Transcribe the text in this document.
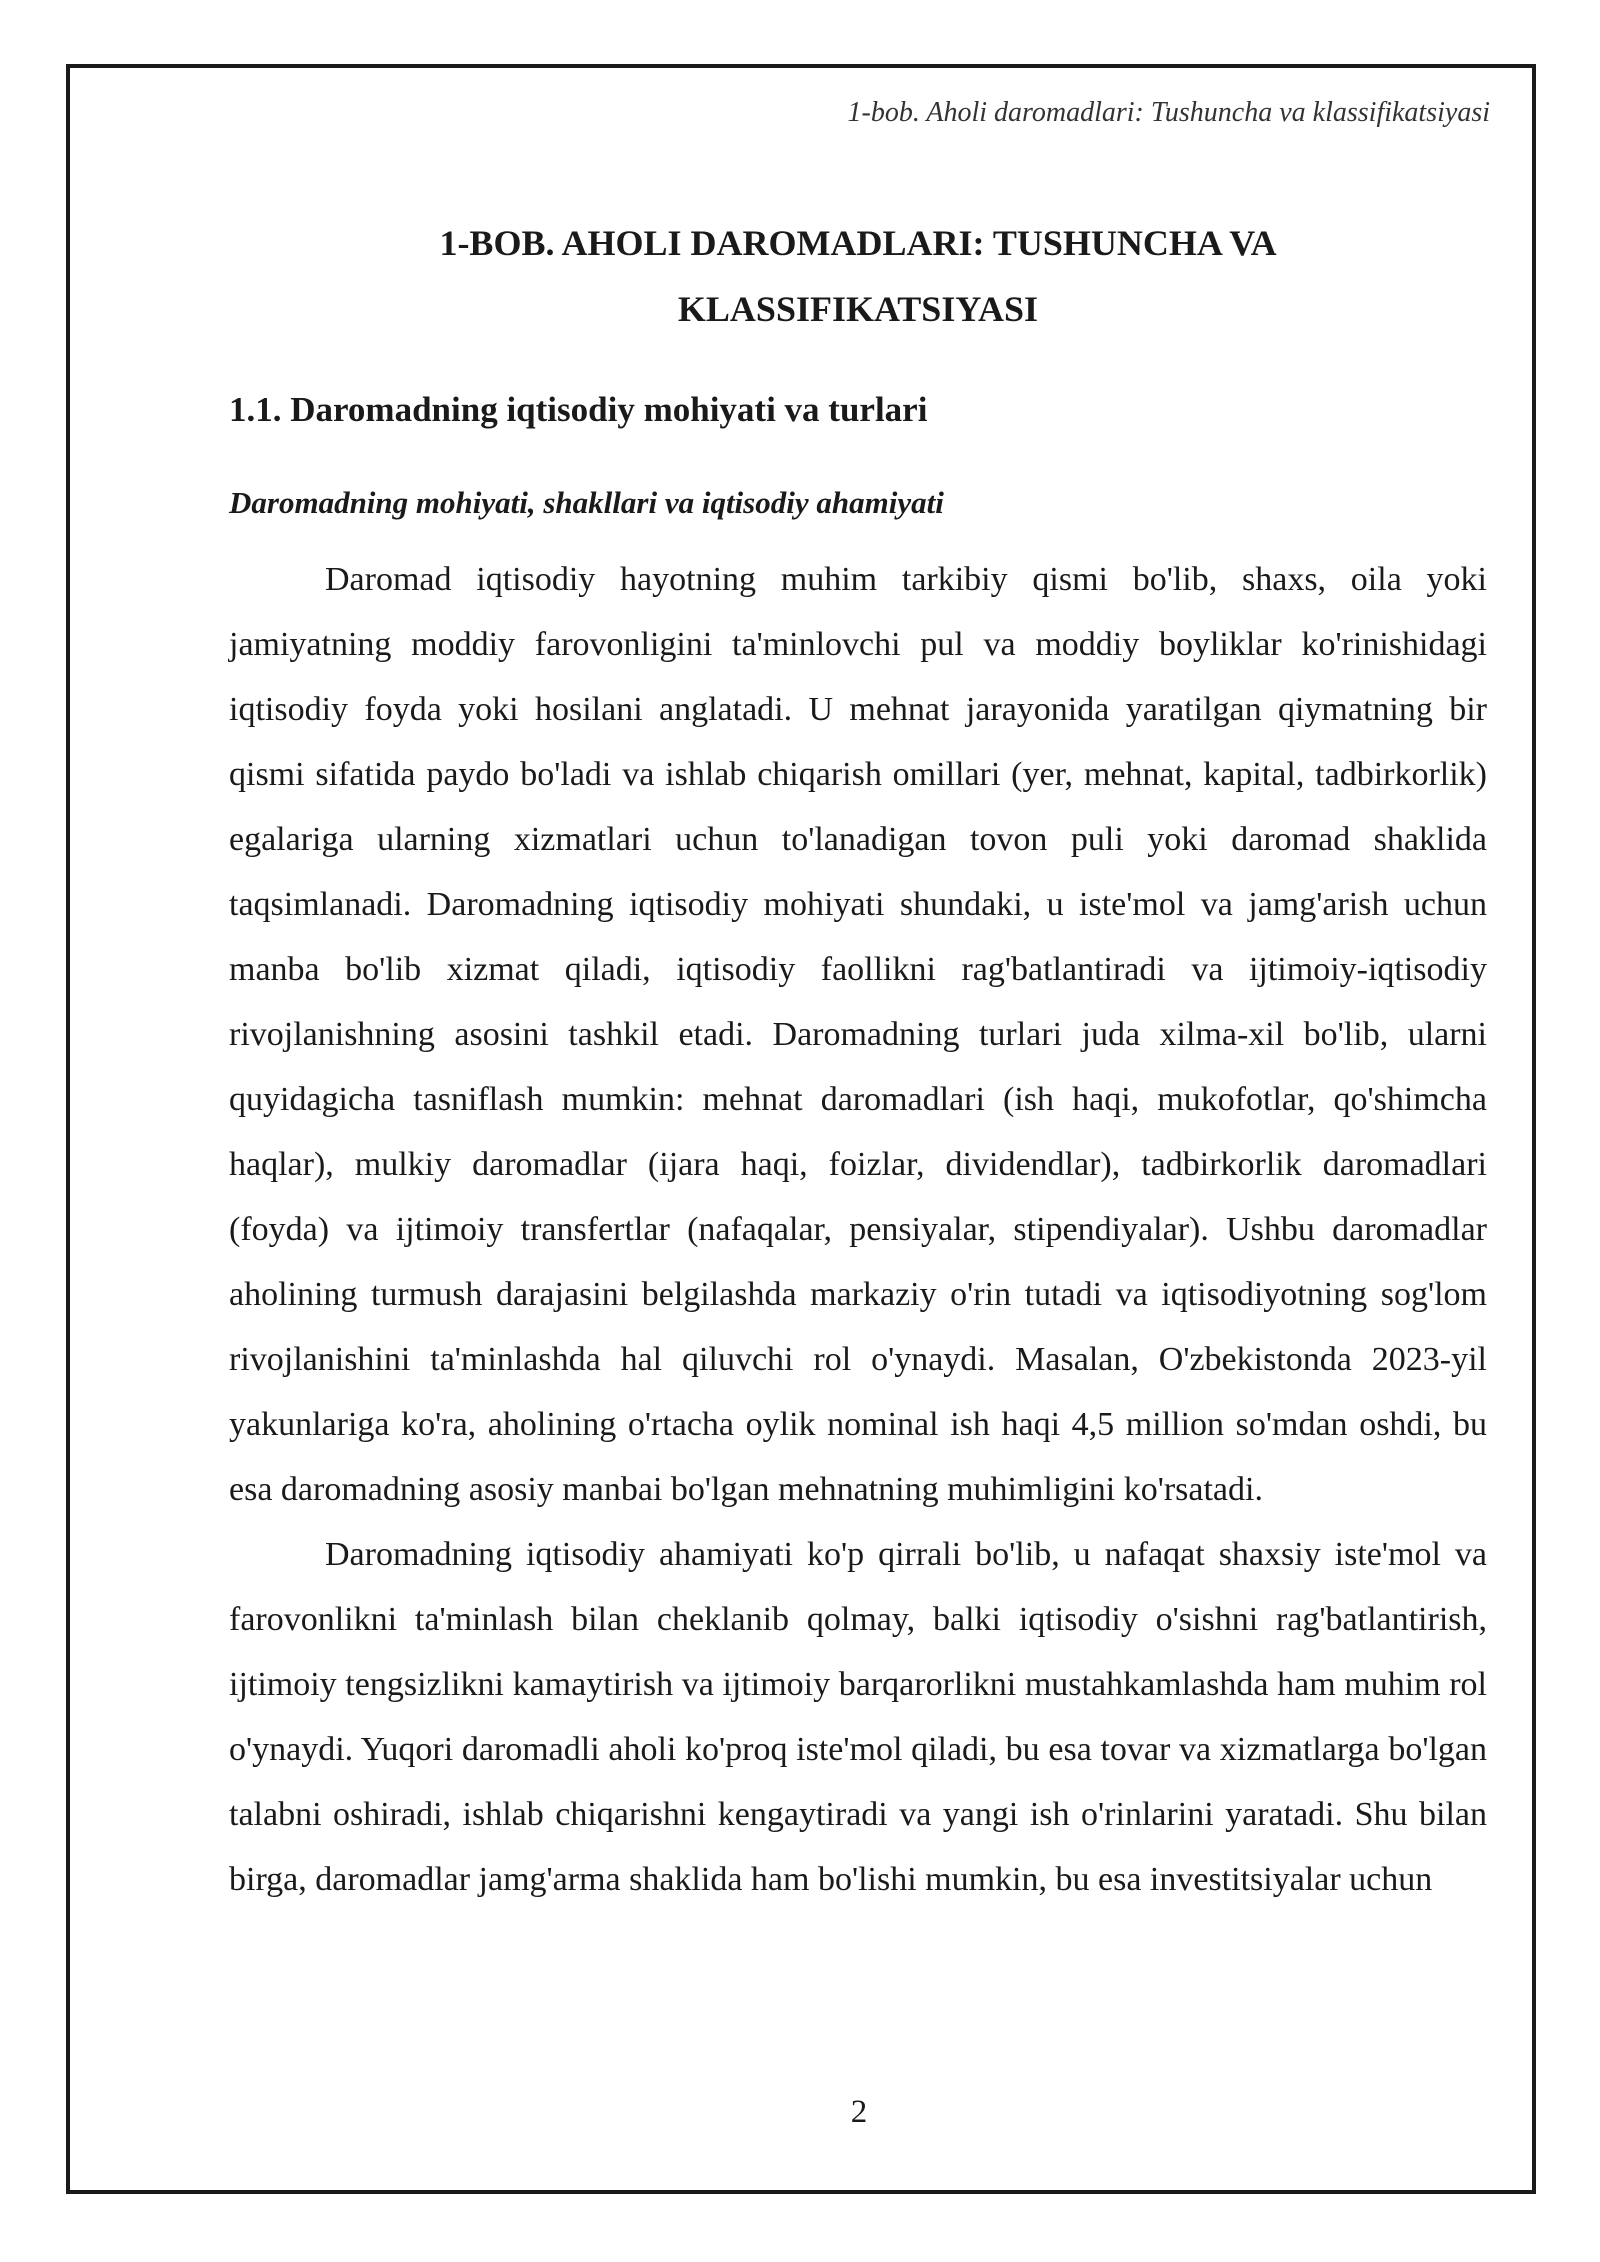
1-bob. Aholi daromadlari: Tushuncha va klassifikatsiyasi
1-BOB. AHOLI DAROMADLARI: TUSHUNCHA VA
KLASSIFIKATSIYASI
1.1. Daromadning iqtisodiy mohiyati va turlari
Daromadning mohiyati, shakllari va iqtisodiy ahamiyati

Daromad iqtisodiy hayotning muhim tarkibiy qismi bo'lib, shaxs, oila yoki jamiyatning moddiy farovonligini ta'minlovchi pul va moddiy boyliklar ko'rinishidagi iqtisodiy foyda yoki hosilani anglatadi. U mehnat jarayonida yaratilgan qiymatning bir qismi sifatida paydo bo'ladi va ishlab chiqarish omillari (yer, mehnat, kapital, tadbirkorlik) egalariga ularning xizmatlari uchun to'lanadigan tovon puli yoki daromad shaklida taqsimlanadi. Daromadning iqtisodiy mohiyati shundaki, u iste'mol va jamg'arish uchun manba bo'lib xizmat qiladi, iqtisodiy faollikni rag'batlantiradi va ijtimoiy-iqtisodiy rivojlanishning asosini tashkil etadi. Daromadning turlari juda xilma-xil bo'lib, ularni quyidagicha tasniflash mumkin: mehnat daromadlari (ish haqi, mukofotlar, qo'shimcha haqlar), mulkiy daromadlar (ijara haqi, foizlar, dividendlar), tadbirkorlik daromadlari (foyda) va ijtimoiy transfertlar (nafaqalar, pensiyalar, stipendiyalar). Ushbu daromadlar aholining turmush darajasini belgilashda markaziy o'rin tutadi va iqtisodiyotning sog'lom rivojlanishini ta'minlashda hal qiluvchi rol o'ynaydi. Masalan, O'zbekistonda 2023-yil yakunlariga ko'ra, aholining o'rtacha oylik nominal ish haqi 4,5 million so'mdan oshdi, bu esa daromadning asosiy manbai bo'lgan mehnatning muhimligini ko'rsatadi.

Daromadning iqtisodiy ahamiyati ko'p qirrali bo'lib, u nafaqat shaxsiy iste'mol va farovonlikni ta'minlash bilan cheklanib qolmay, balki iqtisodiy o'sishni rag'batlantirish, ijtimoiy tengsizlikni kamaytirish va ijtimoiy barqarorlikni mustahkamlashda ham muhim rol o'ynaydi. Yuqori daromadli aholi ko'proq iste'mol qiladi, bu esa tovar va xizmatlarga bo'lgan talabni oshiradi, ishlab chiqarishni kengaytiradi va yangi ish o'rinlarini yaratadi. Shu bilan birga, daromadlar jamg'arma shaklida ham bo'lishi mumkin, bu esa investitsiyalar uchun

2
